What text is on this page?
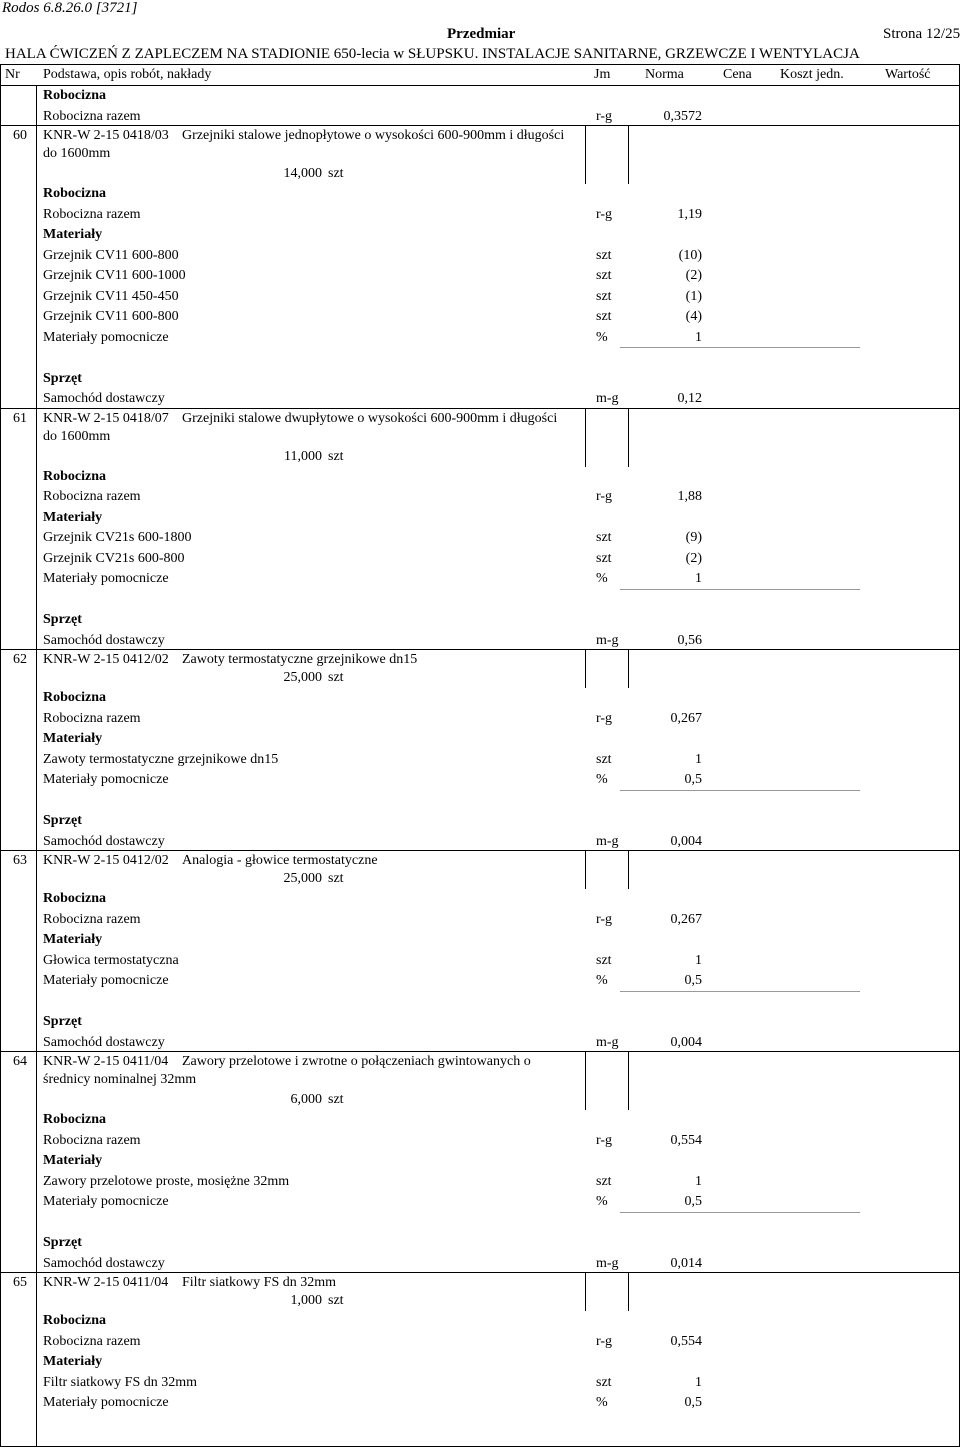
Rodos 6.8.26.0 [3721]
Przedmiar	Strona 12/25
HALA ĆWICZEŃ Z ZAPLECZEM NA STADIONIE 650-lecia w SŁUPSKU. INSTALACJE SANITARNE, GRZEWCZE I WENTYLACJA
Nr Podstawa, opis robót, nakłady	Jm Norma	Cena Koszt jedn.	Wartość
Robocizna
Robocizna razem	r-g	0,3572
60 KNR-W 2-15 0418/03 Grzejniki stalowe jednopłytowe o wysokości 600-900mm i długości
do 1600mm
14,000 szt
Robocizna
Robocizna razem	r-g	1,19
Materiały
Grzejnik CV11 600-800	szt	(10)
Grzejnik CV11 600-1000	szt	(2)
Grzejnik CV11 450-450	szt	(1)
Grzejnik CV11 600-800	szt	(4)
Materiały pomocnicze	%	1
Sprzęt
Samochód dostawczy	m-g	0,12
61 KNR-W 2-15 0418/07 Grzejniki stalowe dwupłytowe o wysokości 600-900mm i długości
do 1600mm
11,000 szt
Robocizna
Robocizna razem	r-g	1,88
Materiały
Grzejnik CV21s 600-1800	szt	(9)
Grzejnik CV21s 600-800	szt	(2)
Materiały pomocnicze	%	1
Sprzęt
Samochód dostawczy	m-g	0,56
62 KNR-W 2-15 0412/02 Zawoty termostatyczne grzejnikowe dn15
25,000 szt
Robocizna
Robocizna razem	r-g	0,267
Materiały
Zawoty termostatyczne grzejnikowe dn15	szt	1
Materiały pomocnicze	%	0,5
Sprzęt
Samochód dostawczy	m-g	0,004
63 KNR-W 2-15 0412/02 Analogia - głowice termostatyczne
25,000 szt
Robocizna
Robocizna razem	r-g	0,267
Materiały
Głowica termostatyczna	szt	1
Materiały pomocnicze	%	0,5
Sprzęt
Samochód dostawczy	m-g	0,004
64 KNR-W 2-15 0411/04 Zawory przelotowe i zwrotne o połączeniach gwintowanych o
średnicy nominalnej 32mm
6,000 szt
Robocizna
Robocizna razem	r-g	0,554
Materiały
Zawory przelotowe proste, mosiężne 32mm	szt	1
Materiały pomocnicze	%	0,5
Sprzęt
Samochód dostawczy	m-g	0,014
65 KNR-W 2-15 0411/04 Filtr siatkowy FS dn 32mm
1,000 szt
Robocizna
Robocizna razem	r-g	0,554
Materiały
Filtr siatkowy FS dn 32mm	szt	1
Materiały pomocnicze	%	0,5
